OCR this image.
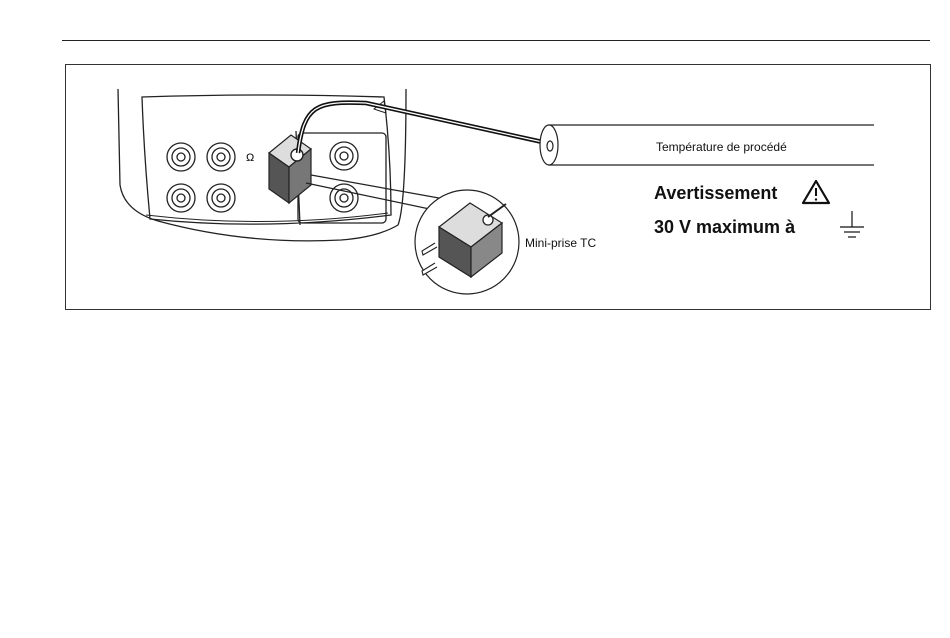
Ω
Température de procédé
Avertissement
30 V maximum à
Mini-prise TC
